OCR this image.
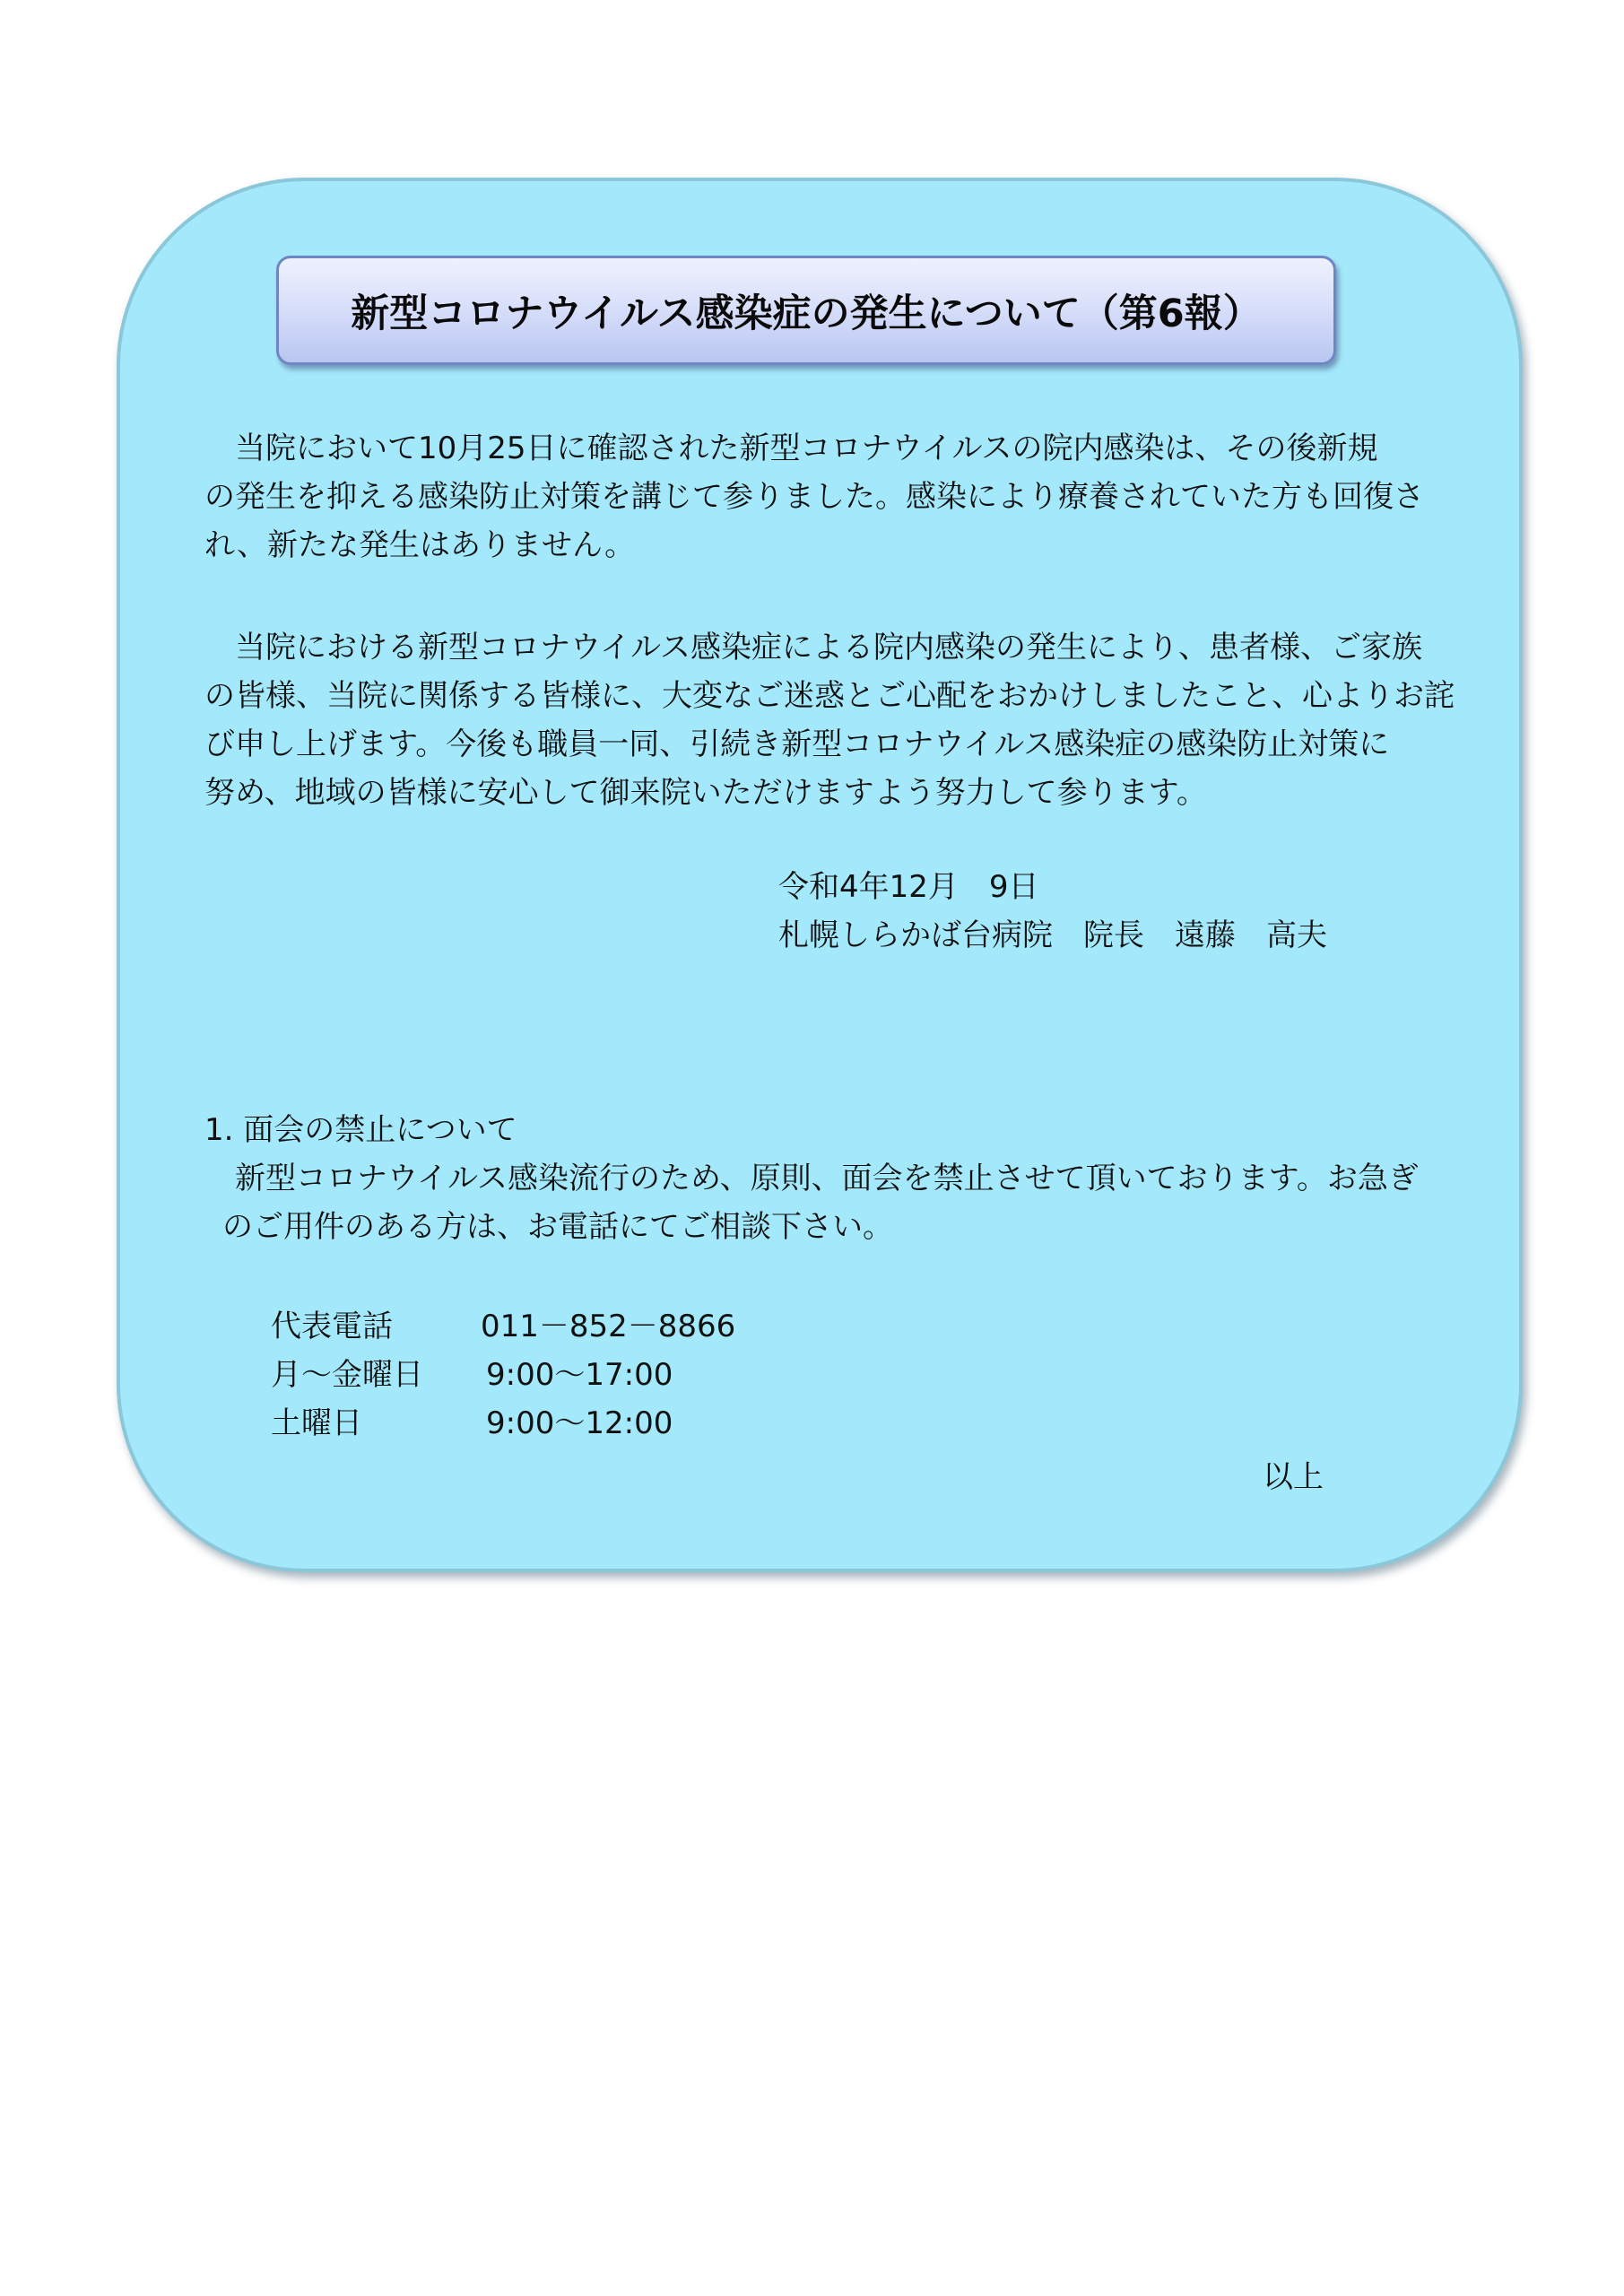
新型コロナウイルス感染症の発生について（第6報）
　当院において10月25日に確認された新型コロナウイルスの院内感染は、その後新規
の発生を抑える感染防止対策を講じて参りました。感染により療養されていた方も回復さ
れ、新たな発生はありません。
　当院における新型コロナウイルス感染症による院内感染の発生により、患者様、ご家族
の皆様、当院に関係する皆様に、大変なご迷惑とご心配をおかけしましたこと、心よりお詫
び申し上げます。今後も職員一同、引続き新型コロナウイルス感染症の感染防止対策に
努め、地域の皆様に安心して御来院いただけますよう努力して参ります。
令和4年12月　9日
札幌しらかば台病院　院長　遠藤　高夫
1. 面会の禁止について
　新型コロナウイルス感染流行のため、原則、面会を禁止させて頂いております。お急ぎ
のご用件のある方は、お電話にてご相談下さい。
代表電話	011－852－8866
月～金曜日 9:00～17:00
土曜日	9:00～12:00
以上
